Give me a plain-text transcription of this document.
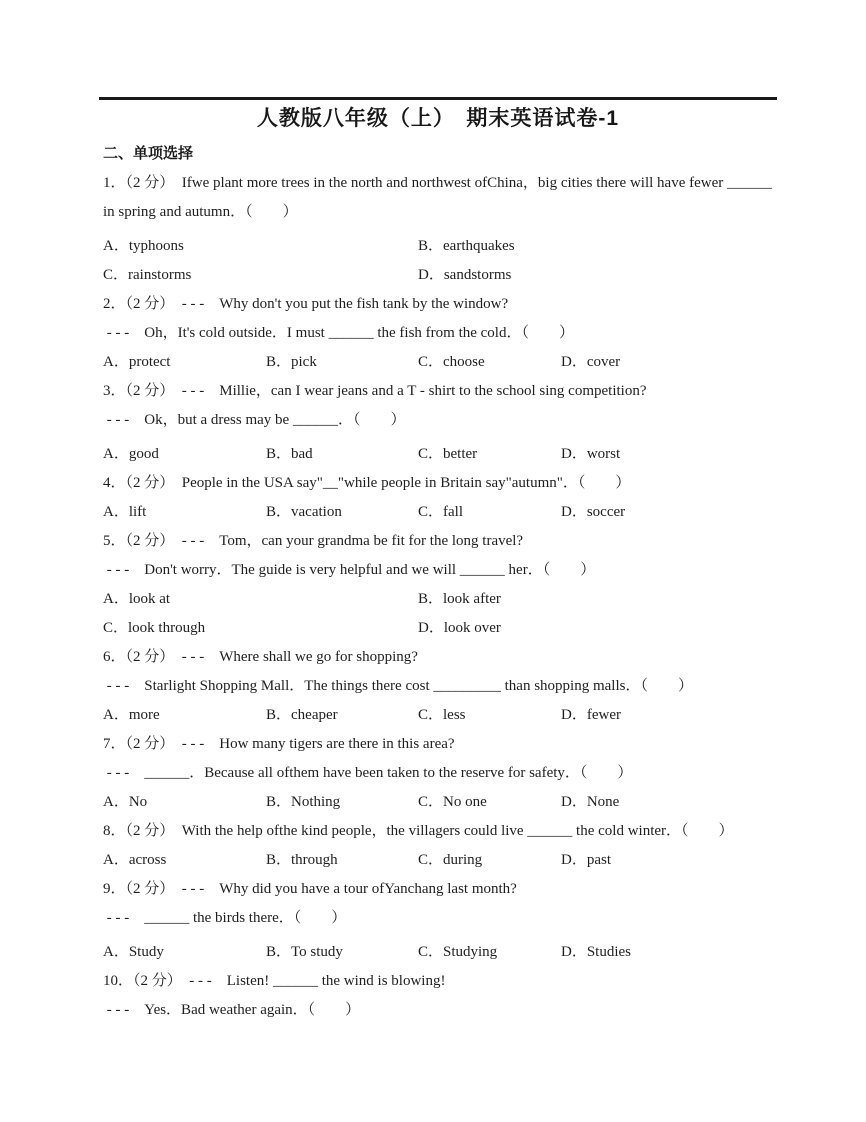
人教版八年级（上）　期末英语试卷-1
二、单项选择
1．（2 分）　Ifwe plant more trees in the north and northwest ofChina，big cities there will have fewer ______
in spring and autumn．（　　）
A．typhoons	B．earthquakes
C．rainstorms	D．sandstorms
2．（2 分）　- - -　Why don't you put the fish tank by the window?
- - -　Oh，It's cold outside．I must ______ the fish from the cold．（　　）
A．protect	B．pick	C．choose	D．cover
3．（2 分）　- - -　Millie，can I wear jeans and a T - shirt to the school sing competition?
- - -　Ok，but a dress may be ______．（　　）
A．good	B．bad	C．better	D．worst
4．（2 分）　People in the USA say"__"while people in Britain say"autumn"．（　　）
A．lift	B．vacation	C．fall	D．soccer
5．（2 分）　- - -　Tom，can your grandma be fit for the long travel?
- - -　Don't worry．The guide is very helpful and we will ______ her．（　　）
A．look at	B．look after
C．look through	D．look over
6．（2 分）　- - -　Where shall we go for shopping?
- - -　Starlight Shopping Mall．The things there cost _________ than shopping malls．（　　）
A．more	B．cheaper	C．less	D．fewer
7．（2 分）　- - -　How many tigers are there in this area?
- - -　______．Because all ofthem have been taken to the reserve for safety．（　　）
A．No	B．Nothing	C．No one	D．None
8．（2 分）　With the help ofthe kind people，the villagers could live ______ the cold winter．（　　）
A．across	B．through	C．during	D．past
9．（2 分）　- - -　Why did you have a tour ofYanchang last month?
- - -　______ the birds there．（　　）
A．Study	B．To study	C．Studying	D．Studies
10．（2 分）　- - -　Listen! ______ the wind is blowing!
- - -　Yes．Bad weather again．（　　）
